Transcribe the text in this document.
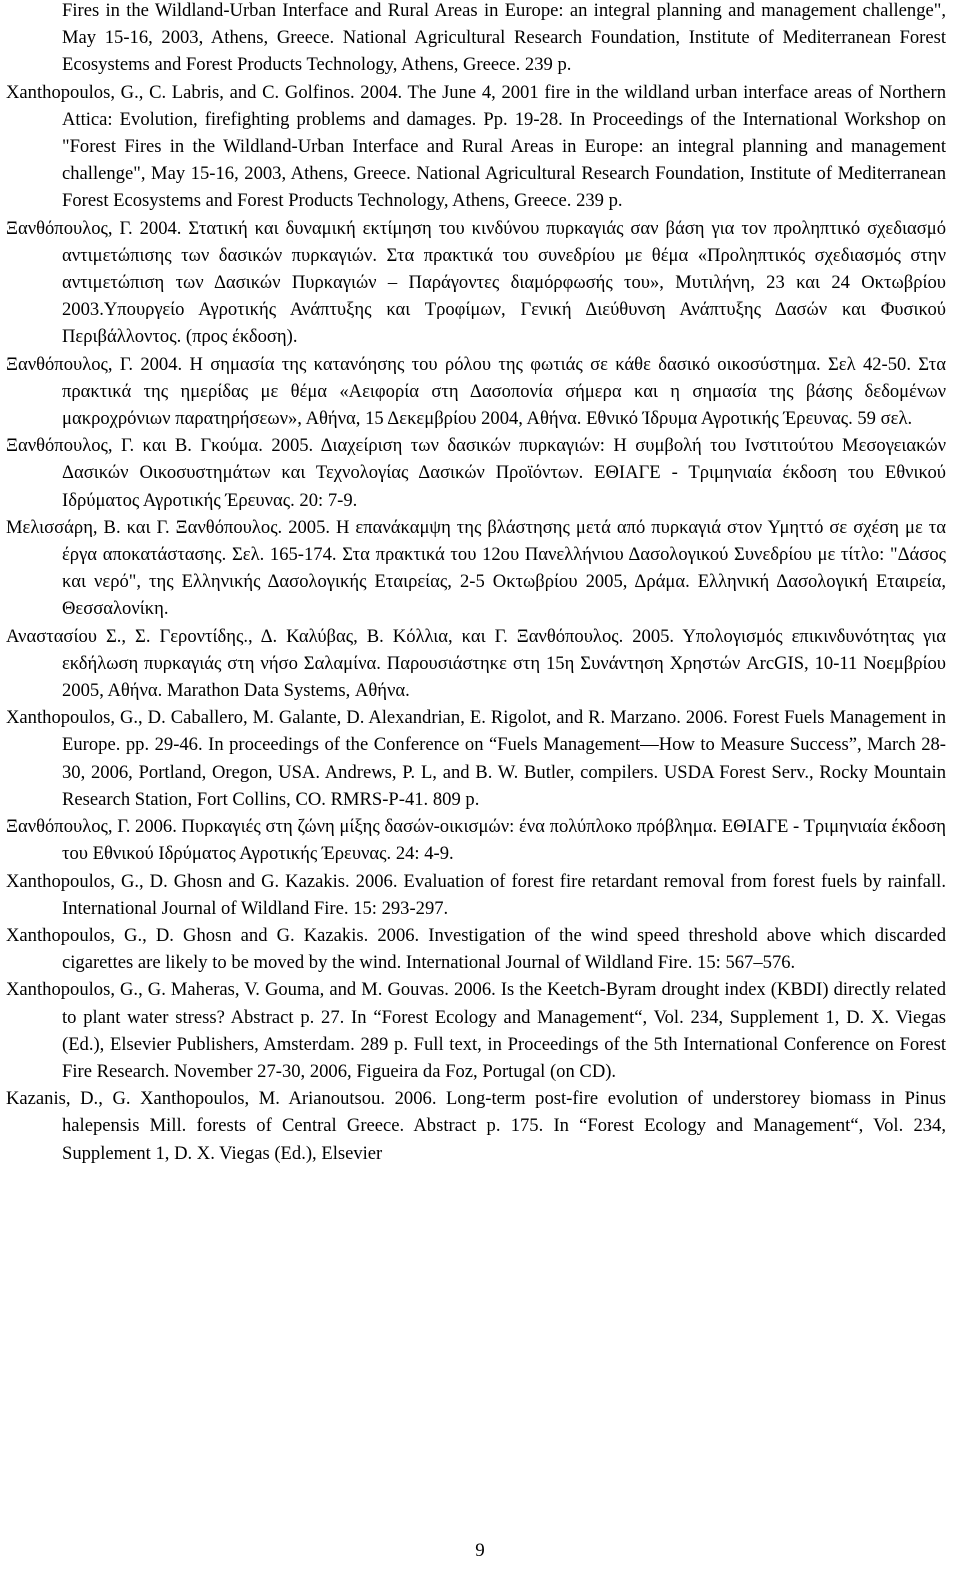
Fires in the Wildland-Urban Interface and Rural Areas in Europe: an integral planning and management challenge", May 15-16, 2003, Athens, Greece. National Agricultural Research Foundation, Institute of Mediterranean Forest Ecosystems and Forest Products Technology, Athens, Greece. 239 p.

Xanthopoulos, G., C. Labris, and C. Golfinos. 2004. The June 4, 2001 fire in the wildland urban interface areas of Northern Attica: Evolution, firefighting problems and damages. Pp. 19-28. In Proceedings of the International Workshop on "Forest Fires in the Wildland-Urban Interface and Rural Areas in Europe: an integral planning and management challenge", May 15-16, 2003, Athens, Greece. National Agricultural Research Foundation, Institute of Mediterranean Forest Ecosystems and Forest Products Technology, Athens, Greece. 239 p.

Ξανθόπουλος, Γ. 2004. Στατική και δυναμική εκτίμηση του κινδύνου πυρκαγιάς σαν βάση για τον προληπτικό σχεδιασμό αντιμετώπισης των δασικών πυρκαγιών. Στα πρακτικά του συνεδρίου με θέμα «Προληπτικός σχεδιασμός στην αντιμετώπιση των Δασικών Πυρκαγιών – Παράγοντες διαμόρφωσής του», Μυτιλήνη, 23 και 24 Οκτωβρίου 2003.Υπουργείο Αγροτικής Ανάπτυξης και Τροφίμων, Γενική Διεύθυνση Ανάπτυξης Δασών και Φυσικού Περιβάλλοντος. (προς έκδοση).

Ξανθόπουλος, Γ. 2004. Η σημασία της κατανόησης του ρόλου της φωτιάς σε κάθε δασικό οικοσύστημα. Σελ 42-50. Στα πρακτικά της ημερίδας με θέμα «Αειφορία στη Δασοπονία σήμερα και η σημασία της βάσης δεδομένων μακροχρόνιων παρατηρήσεων», Αθήνα, 15 Δεκεμβρίου 2004, Αθήνα. Εθνικό Ίδρυμα Αγροτικής Έρευνας. 59 σελ.

Ξανθόπουλος, Γ. και Β. Γκούμα. 2005. Διαχείριση των δασικών πυρκαγιών: Η συμβολή του Ινστιτούτου Μεσογειακών Δασικών Οικοσυστημάτων και Τεχνολογίας Δασικών Προϊόντων. ΕΘΙΑΓΕ - Τριμηνιαία έκδοση του Εθνικού Ιδρύματος Αγροτικής Έρευνας. 20: 7-9.

Μελισσάρη, Β. και Γ. Ξανθόπουλος. 2005. Η επανάκαμψη της βλάστησης μετά από πυρκαγιά στον Υμηττό σε σχέση με τα έργα αποκατάστασης. Σελ. 165-174. Στα πρακτικά του 12ου Πανελλήνιου Δασολογικού Συνεδρίου με τίτλο: "Δάσος και νερό", της Ελληνικής Δασολογικής Εταιρείας, 2-5 Οκτωβρίου 2005, Δράμα. Ελληνική Δασολογική Εταιρεία, Θεσσαλονίκη.

Αναστασίου Σ., Σ. Γεροντίδης., Δ. Καλύβας, Β. Κόλλια, και Γ. Ξανθόπουλος. 2005. Υπολογισμός επικινδυνότητας για εκδήλωση πυρκαγιάς στη νήσο Σαλαμίνα. Παρουσιάστηκε στη 15η Συνάντηση Χρηστών ArcGIS, 10-11 Νοεμβρίου 2005, Αθήνα. Marathon Data Systems, Αθήνα.

Xanthopoulos, G., D. Caballero, M. Galante, D. Alexandrian, E. Rigolot, and R. Marzano. 2006. Forest Fuels Management in Europe. pp. 29-46. In proceedings of the Conference on “Fuels Management—How to Measure Success”, March 28-30, 2006, Portland, Oregon, USA. Andrews, P. L, and B. W. Butler, compilers. USDA Forest Serv., Rocky Mountain Research Station, Fort Collins, CO. RMRS-P-41. 809 p.

Ξανθόπουλος, Γ. 2006. Πυρκαγιές στη ζώνη μίξης δασών-οικισμών: ένα πολύπλοκο πρόβλημα. ΕΘΙΑΓΕ - Τριμηνιαία έκδοση του Εθνικού Ιδρύματος Αγροτικής Έρευνας. 24: 4-9.

Xanthopoulos, G., D. Ghosn and G. Kazakis. 2006. Evaluation of forest fire retardant removal from forest fuels by rainfall. International Journal of Wildland Fire. 15: 293-297.

Xanthopoulos, G., D. Ghosn and G. Kazakis. 2006. Investigation of the wind speed threshold above which discarded cigarettes are likely to be moved by the wind. International Journal of Wildland Fire. 15: 567–576.

Xanthopoulos, G., G. Maheras, V. Gouma, and M. Gouvas. 2006. Is the Keetch-Byram drought index (KBDI) directly related to plant water stress? Abstract p. 27. In “Forest Ecology and Management“, Vol. 234, Supplement 1, D. X. Viegas (Ed.), Elsevier Publishers, Amsterdam. 289 p. Full text, in Proceedings of the 5th International Conference on Forest Fire Research. November 27-30, 2006, Figueira da Foz, Portugal (on CD).

Kazanis, D., G. Xanthopoulos, M. Arianoutsou. 2006. Long-term post-fire evolution of understorey biomass in Pinus halepensis Mill. forests of Central Greece. Abstract p. 175. In “Forest Ecology and Management“, Vol. 234, Supplement 1, D. X. Viegas (Ed.), Elsevier

9
